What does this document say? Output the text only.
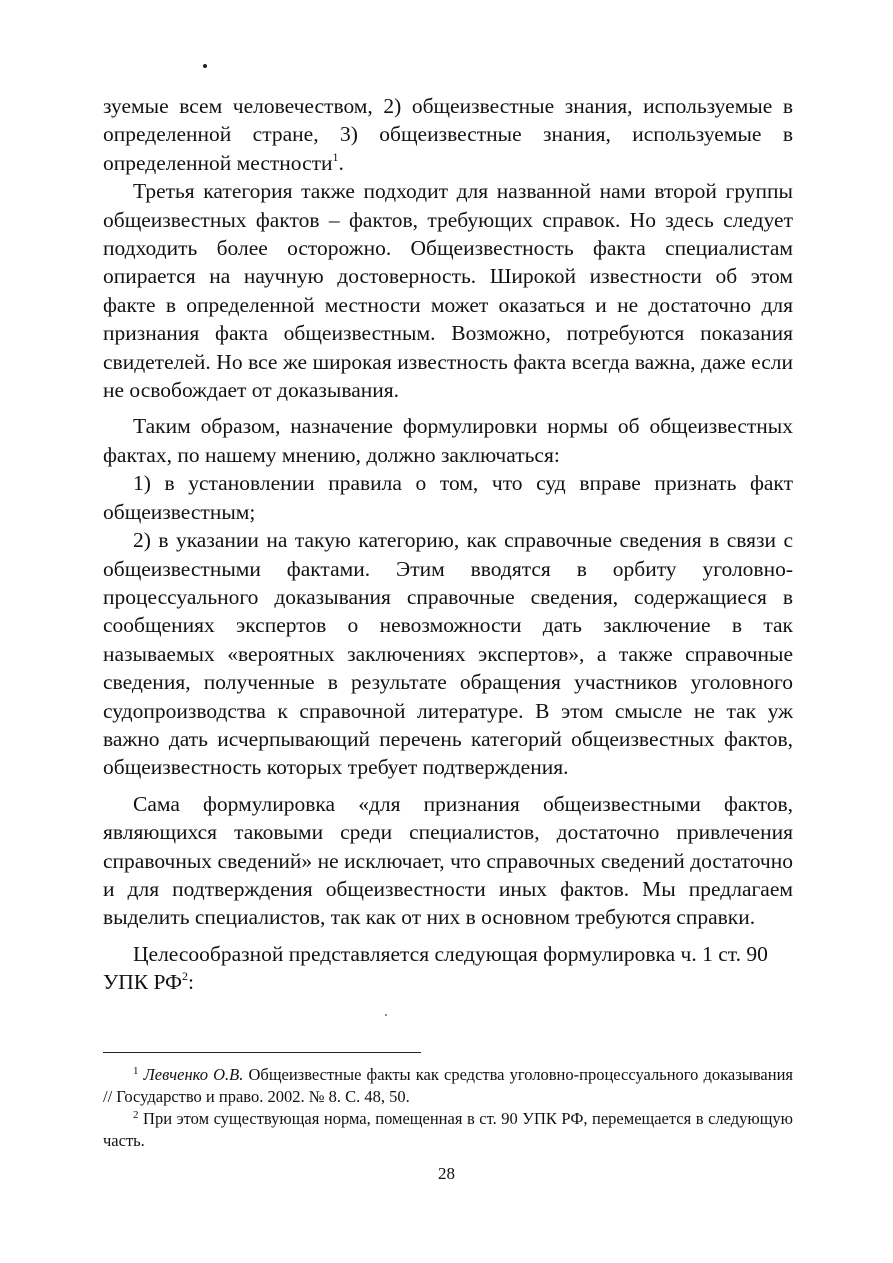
зуемые всем человечеством, 2) общеизвестные знания, используемые в определенной стране, 3) общеизвестные знания, используемые в определенной местности$^1$.

Третья категория также подходит для названной нами второй группы общеизвестных фактов – фактов, требующих справок. Но здесь следует подходить более осторожно. Общеизвестность факта специалистам опирается на научную достоверность. Широкой известности об этом факте в определенной местности может оказаться и не достаточно для признания факта общеизвестным. Возможно, потребуются показания свидетелей. Но все же широкая известность факта всегда важна, даже если не освобождает от доказывания.

Таким образом, назначение формулировки нормы об общеизвестных фактах, по нашему мнению, должно заключаться:

1) в установлении правила о том, что суд вправе признать факт общеизвестным;

2) в указании на такую категорию, как справочные сведения в связи с общеизвестными фактами. Этим вводятся в орбиту уголовно-процессуального доказывания справочные сведения, содержащиеся в сообщениях экспертов о невозможности дать заключение в так называемых «вероятных заключениях экспертов», а также справочные сведения, полученные в результате обращения участников уголовного судопроизводства к справочной литературе. В этом смысле не так уж важно дать исчерпывающий перечень категорий общеизвестных фактов, общеизвестность которых требует подтверждения.

Сама формулировка «для признания общеизвестными фактов, являющихся таковыми среди специалистов, достаточно привлечения справочных сведений» не исключает, что справочных сведений достаточно и для подтверждения общеизвестности иных фактов. Мы предлагаем выделить специалистов, так как от них в основном требуются справки.

Целесообразной представляется следующая формулировка ч. 1 ст. 90 УПК $РФ^2$:

$^1$ Левченко О.В. Общеизвестные факты как средства уголовно-процессуального доказывания // Государство и право. 2002. № 8. С. 48, 50.

$^2$ При этом существующая норма, помещенная в ст. 90 УПК РФ, перемещается в следующую часть.

28
